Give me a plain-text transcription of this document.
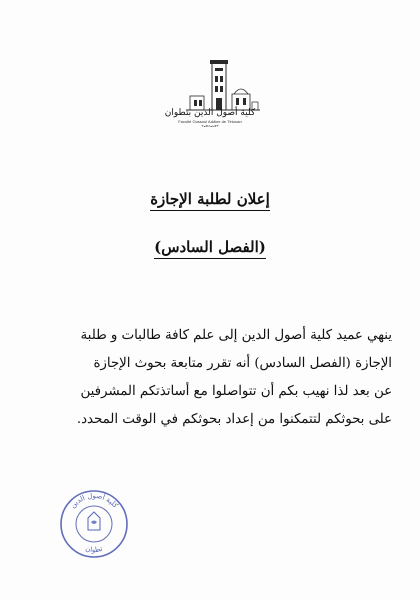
كلية أصول الدين بتطوان
Faculté Oussoul Addine de Tétouan
ⵜⴰⵙⴷⴰⵡⵉⵜ
إعلان لطلبة الإجازة
(الفصل السادس)
ينهي عميد كلية أصول الدين إلى علم كافة طالبات و طلبة
الإجازة (الفصل السادس) أنه تقرر متابعة بحوث الإجازة
عن بعد لذا نهيب بكم أن تتواصلوا مع أساتذتكم المشرفين
على بحوثكم لتتمكنوا من إعداد بحوثكم في الوقت المحدد.
كلية أصول الدين
تطوان
